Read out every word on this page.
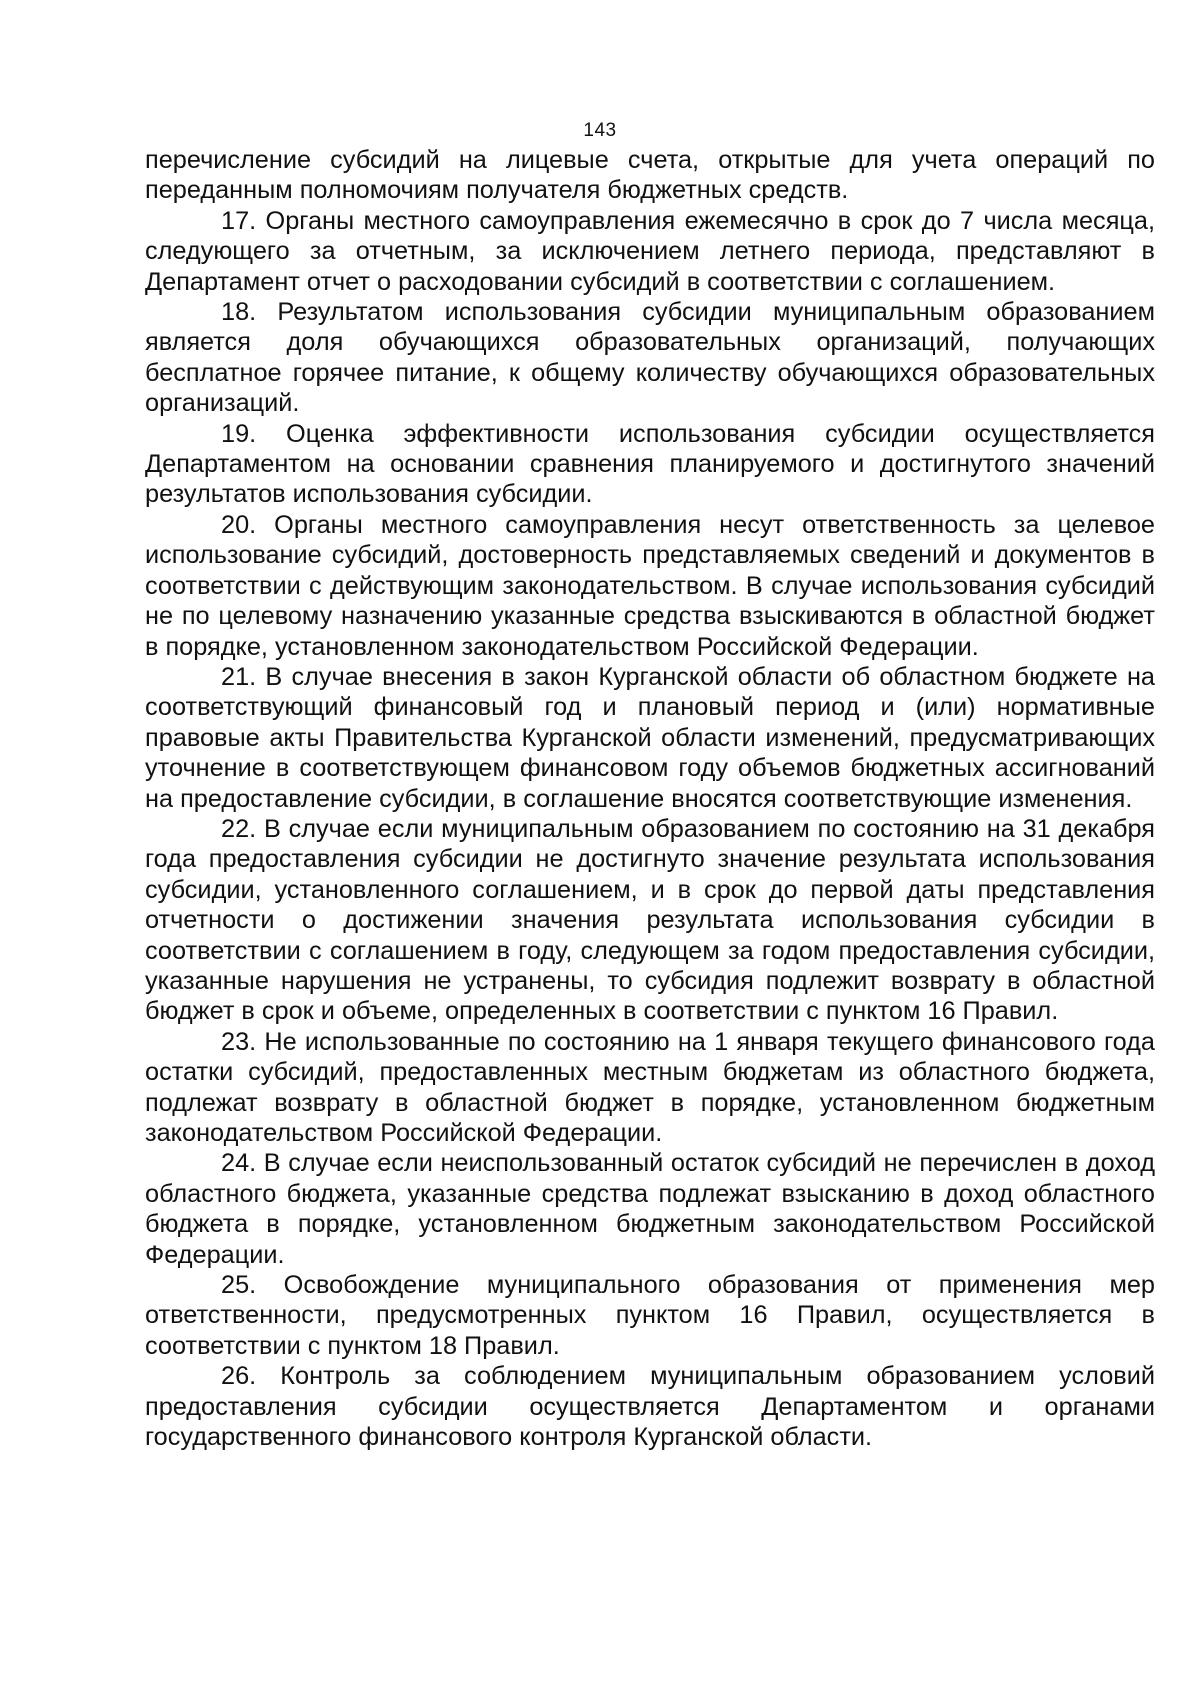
143

перечисление субсидий на лицевые счета, открытые для учета операций по переданным полномочиям получателя бюджетных средств.

17. Органы местного самоуправления ежемесячно в срок до 7 числа месяца, следующего за отчетным, за исключением летнего периода, представляют в Департамент отчет о расходовании субсидий в соответствии с соглашением.

18. Результатом использования субсидии муниципальным образованием является доля обучающихся образовательных организаций, получающих бесплатное горячее питание, к общему количеству обучающихся образовательных организаций.

19. Оценка эффективности использования субсидии осуществляется Департаментом на основании сравнения планируемого и достигнутого значений результатов использования субсидии.

20. Органы местного самоуправления несут ответственность за целевое использование субсидий, достоверность представляемых сведений и документов в соответствии с действующим законодательством. В случае использования субсидий не по целевому назначению указанные средства взыскиваются в областной бюджет в порядке, установленном законодательством Российской Федерации.

21. В случае внесения в закон Курганской области об областном бюджете на соответствующий финансовый год и плановый период и (или) нормативные правовые акты Правительства Курганской области изменений, предусматривающих уточнение в соответствующем финансовом году объемов бюджетных ассигнований на предоставление субсидии, в соглашение вносятся соответствующие изменения.

22. В случае если муниципальным образованием по состоянию на 31 декабря года предоставления субсидии не достигнуто значение результата использования субсидии, установленного соглашением, и в срок до первой даты представления отчетности о достижении значения результата использования субсидии в соответствии с соглашением в году, следующем за годом предоставления субсидии, указанные нарушения не устранены, то субсидия подлежит возврату в областной бюджет в срок и объеме, определенных в соответствии с пунктом 16 Правил.

23. Не использованные по состоянию на 1 января текущего финансового года остатки субсидий, предоставленных местным бюджетам из областного бюджета, подлежат возврату в областной бюджет в порядке, установленном бюджетным законодательством Российской Федерации.

24. В случае если неиспользованный остаток субсидий не перечислен в доход областного бюджета, указанные средства подлежат взысканию в доход областного бюджета в порядке, установленном бюджетным законодательством Российской Федерации.

25. Освобождение муниципального образования от применения мер ответственности, предусмотренных пунктом 16 Правил, осуществляется в соответствии с пунктом 18 Правил.

26. Контроль за соблюдением муниципальным образованием условий предоставления субсидии осуществляется Департаментом и органами государственного финансового контроля Курганской области.
